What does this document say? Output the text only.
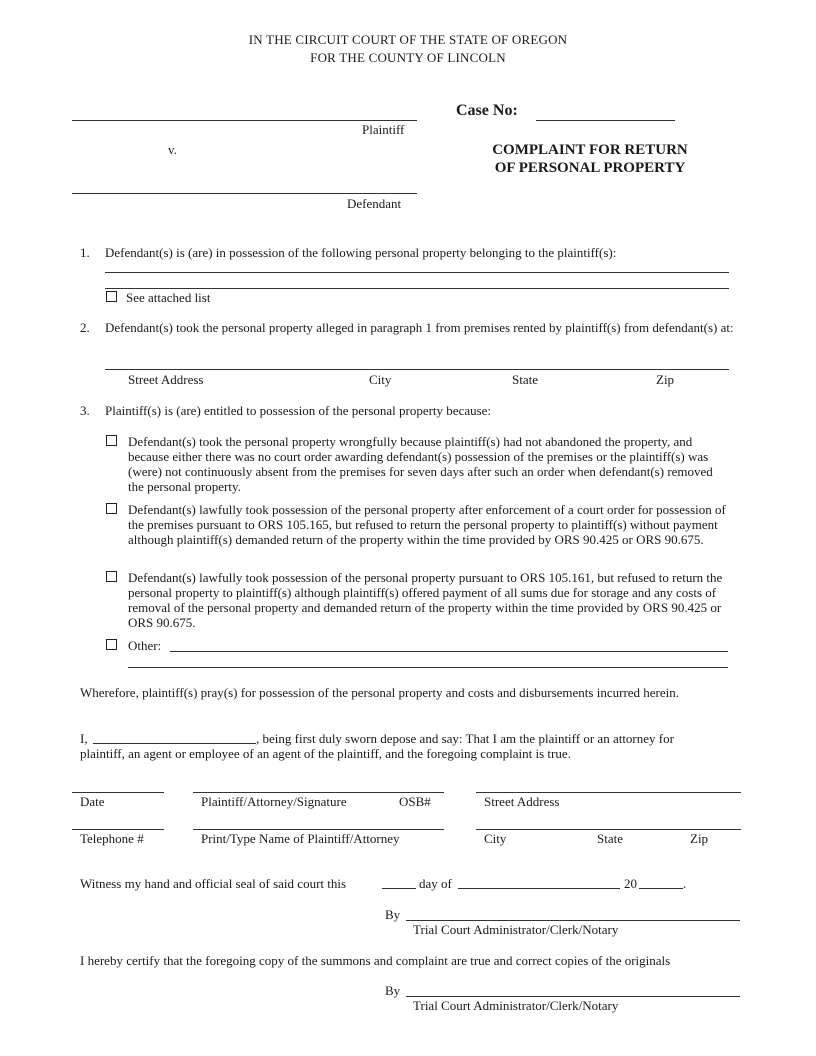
IN THE CIRCUIT COURT OF THE STATE OF OREGON
FOR THE COUNTY OF LINCOLN
Plaintiff
v.
Defendant
Case No:
COMPLAINT FOR RETURN
OF PERSONAL PROPERTY
1. Defendant(s) is (are) in possession of the following personal property belonging to the plaintiff(s):
See attached list
2. Defendant(s) took the personal property alleged in paragraph 1 from premises rented by plaintiff(s) from defendant(s) at:
Street Address	City	State	Zip
3. Plaintiff(s) is (are) entitled to possession of the personal property because:
Defendant(s) took the personal property wrongfully because plaintiff(s) had not abandoned the property, and because either there was no court order awarding defendant(s) possession of the premises or the plaintiff(s) was (were) not continuously absent from the premises for seven days after such an order when defendant(s) removed the personal property.
Defendant(s) lawfully took possession of the personal property after enforcement of a court order for possession of the premises pursuant to ORS 105.165, but refused to return the personal property to plaintiff(s) without payment although plaintiff(s) demanded return of the property within the time provided by ORS 90.425 or ORS 90.675.
Defendant(s) lawfully took possession of the personal property pursuant to ORS 105.161, but refused to return the personal property to plaintiff(s) although plaintiff(s) offered payment of all sums due for storage and any costs of removal of the personal property and demanded return of the property within the time provided by ORS 90.425 or ORS 90.675.
Other:
Wherefore, plaintiff(s) pray(s) for possession of the personal property and costs and disbursements incurred herein.
I,	, being first duly sworn depose and say: That I am the plaintiff or an attorney for
plaintiff, an agent or employee of an agent of the plaintiff, and the foregoing complaint is true.
Date	Plaintiff/Attorney/Signature	OSB#	Street Address
Telephone #	Print/Type Name of Plaintiff/Attorney	City	State	Zip
Witness my hand and official seal of said court this	day of	20	.
By
Trial Court Administrator/Clerk/Notary
I hereby certify that the foregoing copy of the summons and complaint are true and correct copies of the originals
By
Trial Court Administrator/Clerk/Notary
